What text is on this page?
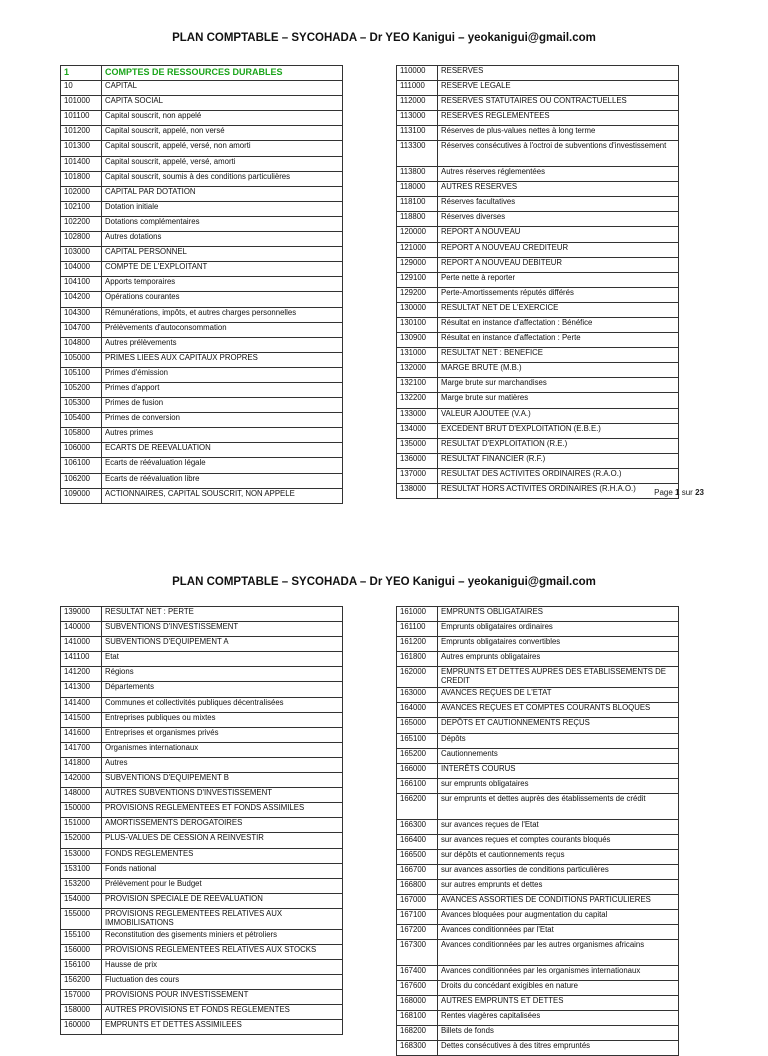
PLAN COMPTABLE – SYCOHADA – Dr YEO Kanigui – yeokanigui@gmail.com
1	COMPTES DE RESSOURCES DURABLES
10	CAPITAL
101000	CAPITA SOCIAL
101100	Capital souscrit, non appelé
101200	Capital souscrit, appelé, non versé
101300	Capital souscrit, appelé, versé, non amorti
101400	Capital souscrit, appelé, versé, amorti
101800	Capital souscrit, soumis à des conditions particulières
102000	CAPITAL PAR DOTATION
102100	Dotation initiale
102200	Dotations complémentaires
102800	Autres dotations
103000	CAPITAL PERSONNEL
104000	COMPTE DE L'EXPLOITANT
104100	Apports temporaires
104200	Opérations courantes
104300	Rémunérations, impôts, et autres charges personnelles
104700	Prélèvements d'autoconsommation
104800	Autres prélèvements
105000	PRIMES LIEES AUX CAPITAUX PROPRES
105100	Primes d'émission
105200	Primes d'apport
105300	Primes de fusion
105400	Primes de conversion
105800	Autres primes
106000	ECARTS DE REEVALUATION
106100	Ecarts de réévaluation légale
106200	Ecarts de réévaluation libre
109000	ACTIONNAIRES, CAPITAL SOUSCRIT, NON APPELE
110000	RESERVES
111000	RESERVE LEGALE
112000	RESERVES STATUTAIRES OU CONTRACTUELLES
113000	RESERVES REGLEMENTEES
113100	Réserves de plus-values nettes à long terme
113300	Réserves consécutives à l'octroi de subventions d'investissement
113800	Autres réserves réglementées
118000	AUTRES RESERVES
118100	Réserves facultatives
118800	Réserves diverses
120000	REPORT A NOUVEAU
121000	REPORT A NOUVEAU CREDITEUR
129000	REPORT A NOUVEAU DEBITEUR
129100	Perte nette à reporter
129200	Perte-Amortissements réputés différés
130000	RESULTAT NET DE L'EXERCICE
130100	Résultat en instance d'affectation : Bénéfice
130900	Résultat en instance d'affectation : Perte
131000	RESULTAT NET : BENEFICE
132000	MARGE BRUTE (M.B.)
132100	Marge brute sur marchandises
132200	Marge brute sur matières
133000	VALEUR AJOUTEE (V.A.)
134000	EXCEDENT BRUT D'EXPLOITATION (E.B.E.)
135000	RESULTAT D'EXPLOITATION (R.E.)
136000	RESULTAT FINANCIER (R.F.)
137000	RESULTAT DES ACTIVITES ORDINAIRES (R.A.O.)
138000	RESULTAT HORS ACTIVITES ORDINAIRES (R.H.A.O.) Page 1 sur 23
PLAN COMPTABLE – SYCOHADA – Dr YEO Kanigui – yeokanigui@gmail.com
139000	RESULTAT NET : PERTE
140000	SUBVENTIONS D'INVESTISSEMENT
141000	SUBVENTIONS D'EQUIPEMENT A
141100	Etat
141200	Régions
141300	Départements
141400	Communes et collectivités publiques décentralisées
141500	Entreprises publiques ou mixtes
141600	Entreprises et organismes privés
141700	Organismes internationaux
141800	Autres
142000	SUBVENTIONS D'EQUIPEMENT B
148000	AUTRES SUBVENTIONS D'INVESTISSEMENT
150000	PROVISIONS REGLEMENTEES ET FONDS ASSIMILES
151000	AMORTISSEMENTS DEROGATOIRES
152000	PLUS-VALUES DE CESSION A REINVESTIR
153000	FONDS REGLEMENTES
153100	Fonds national
153200	Prélèvement pour le Budget
154000	PROVISION SPECIALE DE REEVALUATION
155000	PROVISIONS REGLEMENTEES RELATIVES AUX IMMOBILISATIONS
155100	Reconstitution des gisements miniers et pétroliers
156000	PROVISIONS REGLEMENTEES RELATIVES AUX STOCKS
156100	Hausse de prix
156200	Fluctuation des cours
157000	PROVISIONS POUR INVESTISSEMENT
158000	AUTRES PROVISIONS ET FONDS REGLEMENTES
160000	EMPRUNTS ET DETTES ASSIMILEES
161000	EMPRUNTS OBLIGATAIRES
161100	Emprunts obligataires ordinaires
161200	Emprunts obligataires convertibles
161800	Autres emprunts obligataires
162000	EMPRUNTS ET DETTES AUPRES DES ETABLISSEMENTS DE CREDIT
163000	AVANCES REÇUES DE L'ETAT
164000	AVANCES REÇUES ET COMPTES COURANTS BLOQUES
165000	DEPÔTS ET CAUTIONNEMENTS REÇUS
165100	Dépôts
165200	Cautionnements
166000	INTERÊTS COURUS
166100	sur emprunts obligataires
166200	sur emprunts et dettes auprès des établissements de crédit
166300	sur avances reçues de l'Etat
166400	sur avances reçues et comptes courants bloqués
166500	sur dépôts et cautionnements reçus
166700	sur avances assorties de conditions particulières
166800	sur autres emprunts et dettes
167000	AVANCES ASSORTIES DE CONDITIONS PARTICULIERES
167100	Avances bloquées pour augmentation du capital
167200	Avances conditionnées par l'Etat
167300	Avances conditionnées par les autres organismes africains
167400	Avances conditionnées par les organismes internationaux
167600	Droits du concédant exigibles en nature
168000	AUTRES EMPRUNTS ET DETTES
168100	Rentes viagères capitalisées
168200	Billets de fonds
168300	Dettes consécutives à des titres empruntés
